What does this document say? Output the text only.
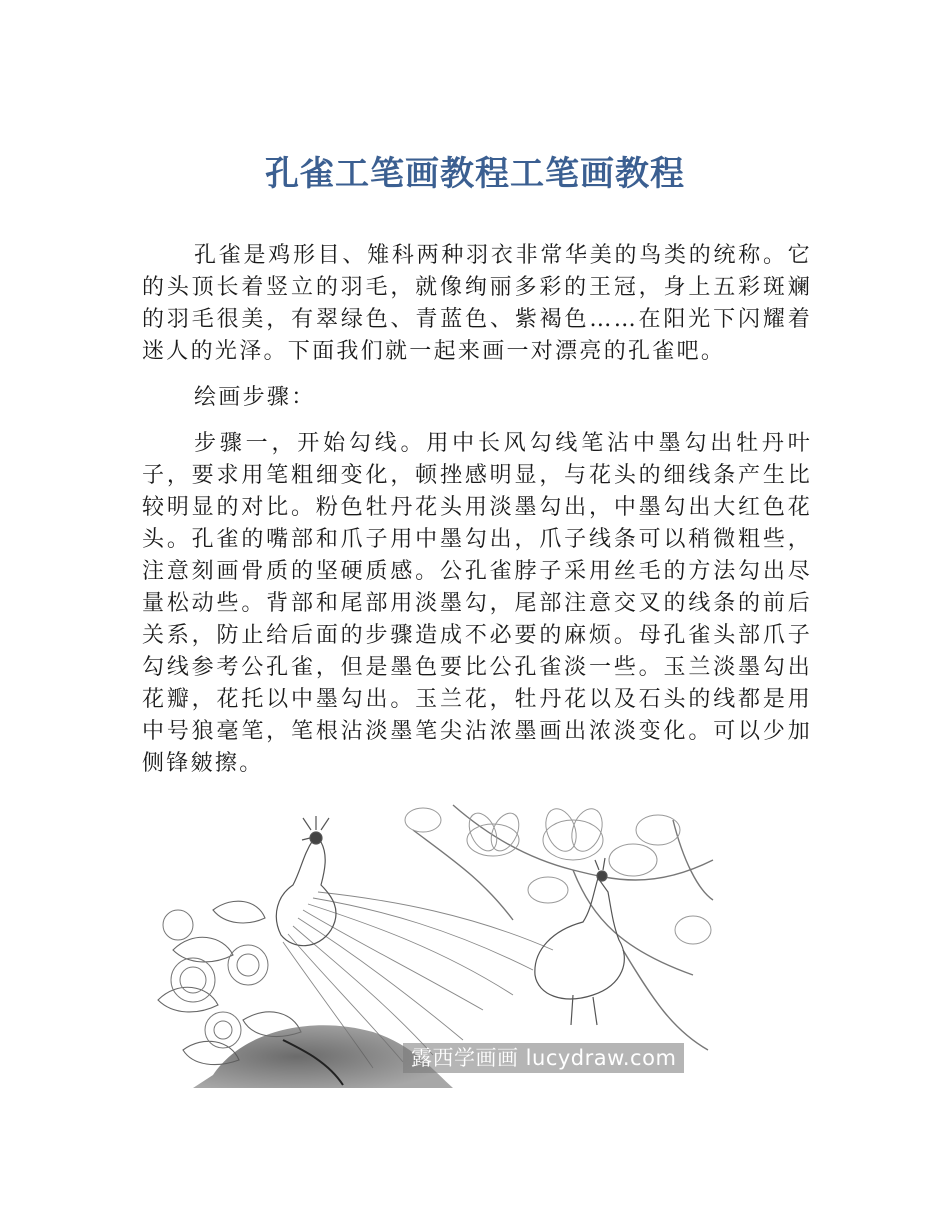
孔雀工笔画教程工笔画教程

孔雀是鸡形目、雉科两种羽衣非常华美的鸟类的统称。它的头顶长着竖立的羽毛，就像绚丽多彩的王冠，身上五彩斑斓的羽毛很美，有翠绿色、青蓝色、紫褐色……在阳光下闪耀着迷人的光泽。下面我们就一起来画一对漂亮的孔雀吧。

绘画步骤：

步骤一，开始勾线。用中长风勾线笔沾中墨勾出牡丹叶子，要求用笔粗细变化，顿挫感明显，与花头的细线条产生比较明显的对比。粉色牡丹花头用淡墨勾出，中墨勾出大红色花头。孔雀的嘴部和爪子用中墨勾出，爪子线条可以稍微粗些，注意刻画骨质的坚硬质感。公孔雀脖子采用丝毛的方法勾出尽量松动些。背部和尾部用淡墨勾，尾部注意交叉的线条的前后关系，防止给后面的步骤造成不必要的麻烦。母孔雀头部爪子勾线参考公孔雀，但是墨色要比公孔雀淡一些。玉兰淡墨勾出花瓣，花托以中墨勾出。玉兰花，牡丹花以及石头的线都是用中号狼毫笔，笔根沾淡墨笔尖沾浓墨画出浓淡变化。可以少加侧锋皴擦。

露西学画画 lucydraw.com
